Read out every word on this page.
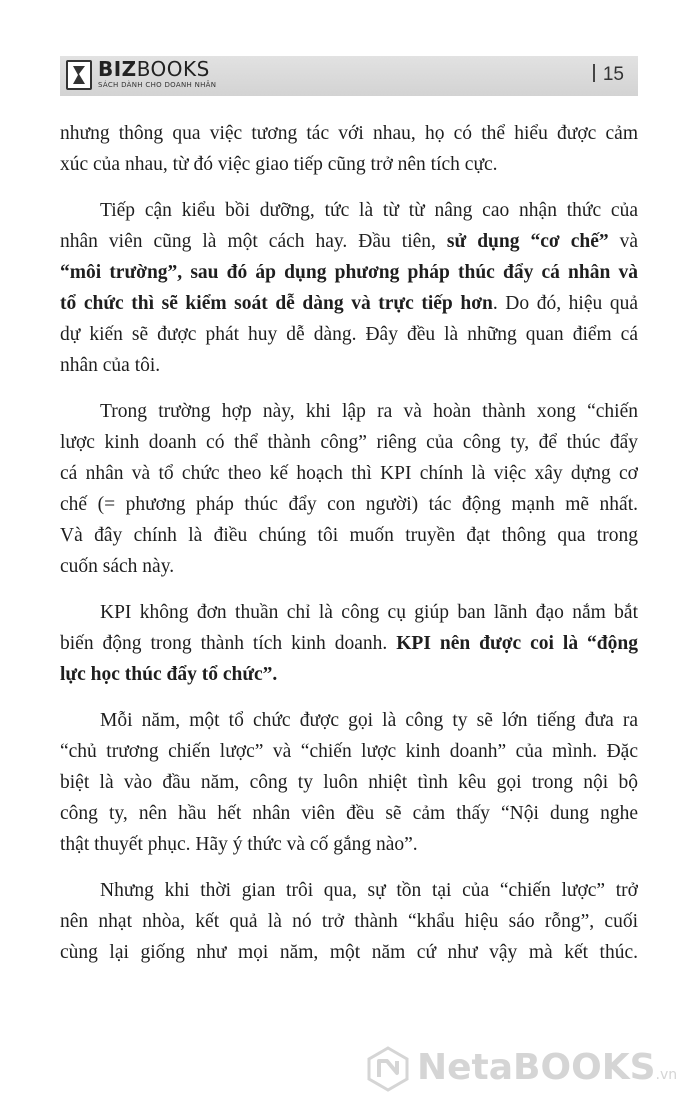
BIZBOOKS
SÁCH DÀNH CHO DOANH NHÂN	15
nhưng thông qua việc tương tác với nhau, họ có thể hiểu được cảm
xúc của nhau, từ đó việc giao tiếp cũng trở nên tích cực.
Tiếp cận kiểu bồi dưỡng, tức là từ từ nâng cao nhận thức của
nhân viên cũng là một cách hay. Đầu tiên, sử dụng “cơ chế” và
“môi trường”, sau đó áp dụng phương pháp thúc đẩy cá nhân và
tổ chức thì sẽ kiểm soát dễ dàng và trực tiếp hơn. Do đó, hiệu quả
dự kiến sẽ được phát huy dễ dàng. Đây đều là những quan điểm cá
nhân của tôi.
Trong trường hợp này, khi lập ra và hoàn thành xong “chiến
lược kinh doanh có thể thành công” riêng của công ty, để thúc đẩy
cá nhân và tổ chức theo kế hoạch thì KPI chính là việc xây dựng cơ
chế (= phương pháp thúc đẩy con người) tác động mạnh mẽ nhất.
Và đây chính là điều chúng tôi muốn truyền đạt thông qua trong
cuốn sách này.
KPI không đơn thuần chỉ là công cụ giúp ban lãnh đạo nắm bắt
biến động trong thành tích kinh doanh. KPI nên được coi là “động
lực học thúc đẩy tổ chức”.
Mỗi năm, một tổ chức được gọi là công ty sẽ lớn tiếng đưa ra
“chủ trương chiến lược” và “chiến lược kinh doanh” của mình. Đặc
biệt là vào đầu năm, công ty luôn nhiệt tình kêu gọi trong nội bộ
công ty, nên hầu hết nhân viên đều sẽ cảm thấy “Nội dung nghe
thật thuyết phục. Hãy ý thức và cố gắng nào”.
Nhưng khi thời gian trôi qua, sự tồn tại của “chiến lược” trở
nên nhạt nhòa, kết quả là nó trở thành “khẩu hiệu sáo rỗng”, cuối
cùng lại giống như mọi năm, một năm cứ như vậy mà kết thúc.
NetaBOOKS.vn
